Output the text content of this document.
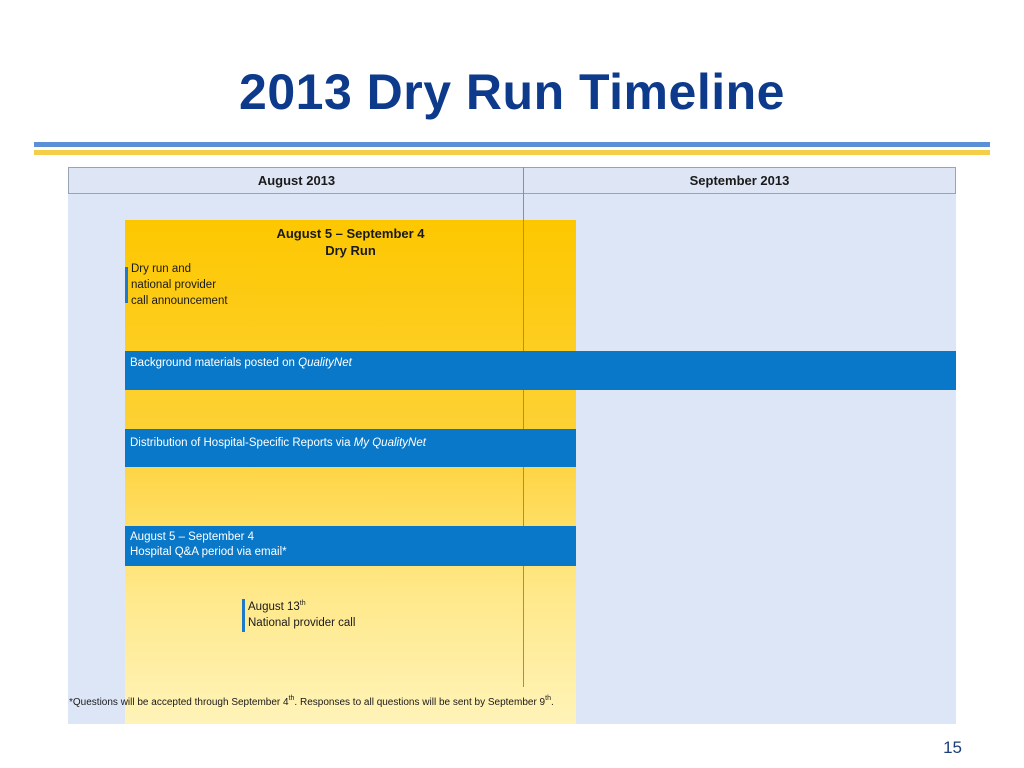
2013 Dry Run Timeline
August 2013	September 2013
August 5 – September 4
Dry Run
Dry run and
national provider
call announcement
Background materials posted on QualityNet
Distribution of Hospital-Specific Reports via My QualityNet
August 5 – September 4
Hospital Q&A period via email*
August 13th
National provider call
*Questions will be accepted through September 4th. Responses to all questions will be sent by September 9th.
15
